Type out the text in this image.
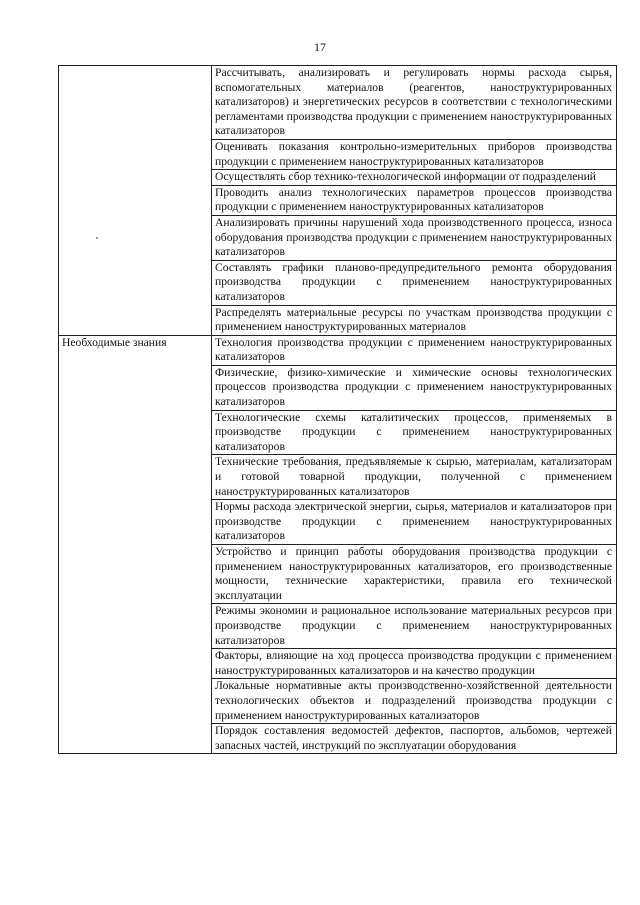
17
	Рассчитывать, анализировать и регулировать нормы расхода сырья, вспомогательных материалов (реагентов, наноструктурированных катализаторов) и энергетических ресурсов в соответствии с технологическими регламентами производства продукции с применением наноструктурированных катализаторов
	Оценивать показания контрольно-измерительных приборов производства продукции с применением наноструктурированных катализаторов
	Осуществлять сбор технико-технологической информации от подразделений
	Проводить анализ технологических параметров процессов производства продукции с применением наноструктурированных катализаторов
	Анализировать причины нарушений хода производственного процесса, износа оборудования производства продукции с применением наноструктурированных катализаторов
	Составлять графики планово-предупредительного ремонта оборудования производства продукции с применением наноструктурированных катализаторов
	Распределять материальные ресурсы по участкам производства продукции с применением наноструктурированных материалов
Необходимые знания	Технология производства продукции с применением наноструктурированных катализаторов
	Физические, физико-химические и химические основы технологических процессов производства продукции с применением наноструктурированных катализаторов
	Технологические схемы каталитических процессов, применяемых в производстве продукции с применением наноструктурированных катализаторов
	Технические требования, предъявляемые к сырью, материалам, катализаторам и готовой товарной продукции, полученной с применением наноструктурированных катализаторов
	Нормы расхода электрической энергии, сырья, материалов и катализаторов при производстве продукции с применением наноструктурированных катализаторов
	Устройство и принцип работы оборудования производства продукции с применением наноструктурированных катализаторов, его производственные мощности, технические характеристики, правила его технической эксплуатации
	Режимы экономии и рациональное использование материальных ресурсов при производстве продукции с применением наноструктурированных катализаторов
	Факторы, влияющие на ход процесса производства продукции с применением наноструктурированных катализаторов и на качество продукции
	Локальные нормативные акты производственно-хозяйственной деятельности технологических объектов и подразделений производства продукции с применением наноструктурированных катализаторов
	Порядок составления ведомостей дефектов, паспортов, альбомов, чертежей запасных частей, инструкций по эксплуатации оборудования
